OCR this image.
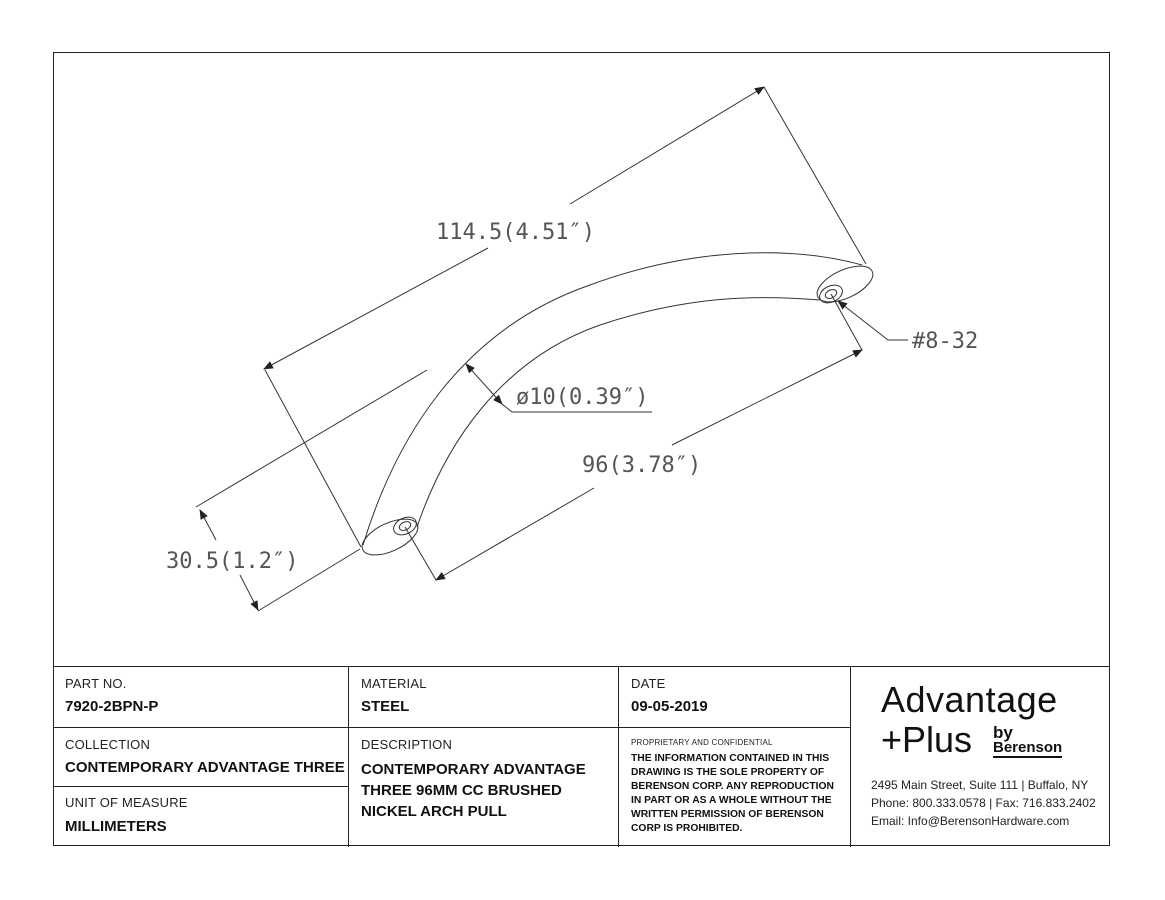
114.5(4.51″)
#8-32
ø10(0.39″)
96(3.78″)
30.5(1.2″)
PART NO.
7920-2BPN-P
MATERIAL
STEEL
DATE
09-05-2019
COLLECTION
CONTEMPORARY ADVANTAGE THREE
UNIT OF MEASURE
MILLIMETERS
DESCRIPTION
CONTEMPORARY ADVANTAGE THREE 96MM CC BRUSHED NICKEL ARCH PULL
PROPRIETARY AND CONFIDENTIAL
THE INFORMATION CONTAINED IN THIS DRAWING IS THE SOLE PROPERTY OF BERENSON CORP. ANY REPRODUCTION IN PART OR AS A WHOLE WITHOUT THE WRITTEN PERMISSION OF BERENSON CORP IS PROHIBITED.
Advantage
+Plus by
Berenson
2495 Main Street, Suite 111 | Buffalo, NY
Phone: 800.333.0578 | Fax: 716.833.2402
Email: Info@BerensonHardware.com
